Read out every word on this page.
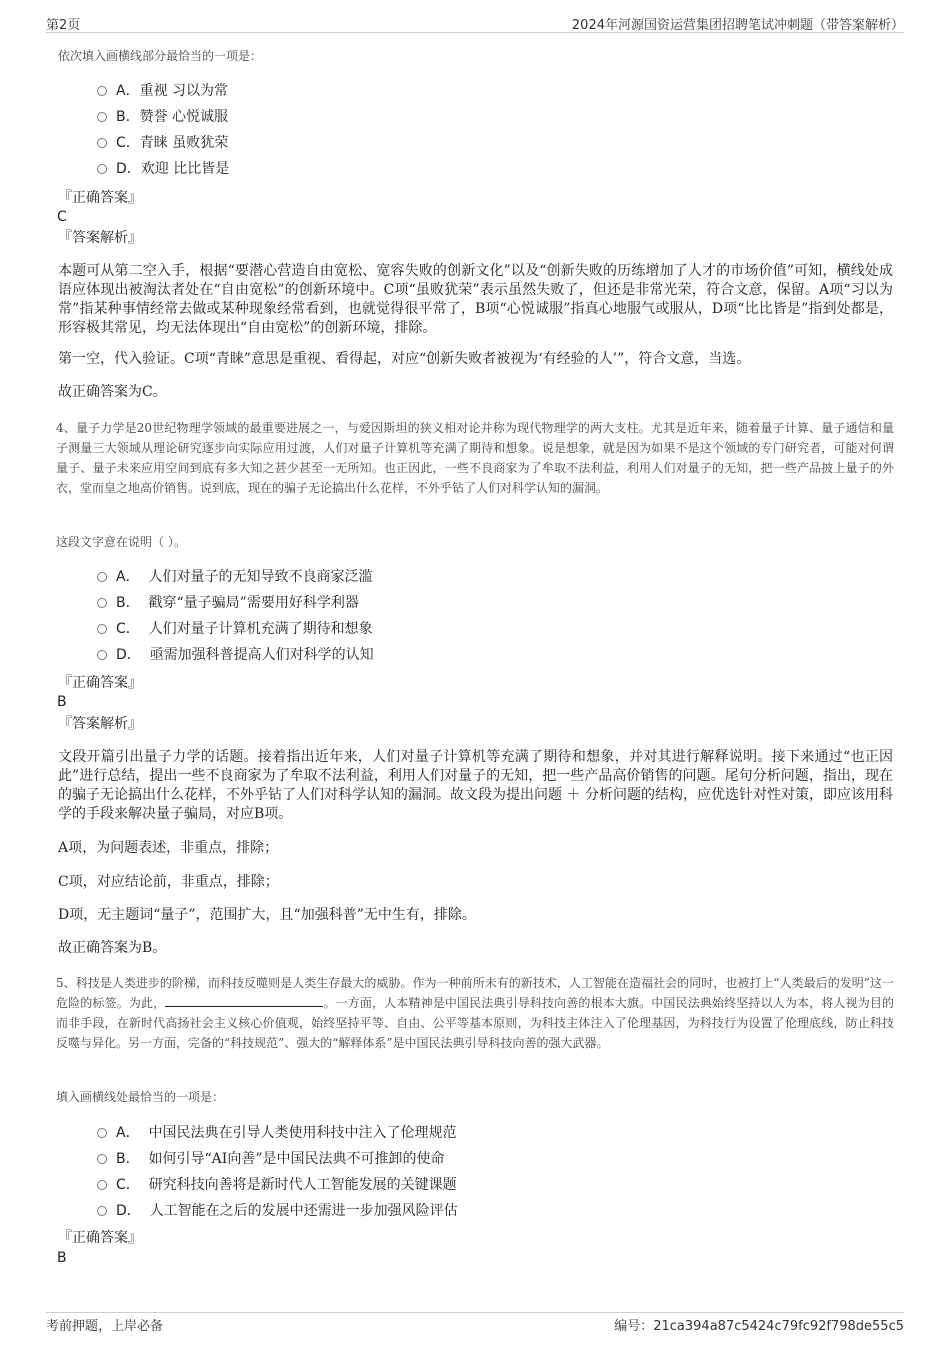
第2页	2024年河源国资运营集团招聘笔试冲刺题（带答案解析）
依次填入画横线部分最恰当的一项是：
A．重视 习以为常
B．赞誉 心悦诚服
C．青睐 虽败犹荣
D．欢迎 比比皆是
『正确答案』
C
『答案解析』
本题可从第二空入手，根据“要潜心营造自由宽松、宽容失败的创新文化”以及“创新失败的历练增加了人才的市场价值”可知，横线处成语应体现出被淘汰者处在“自由宽松”的创新环境中。C项“虽败犹荣”表示虽然失败了，但还是非常光荣，符合文意，保留。A项“习以为常”指某种事情经常去做或某种现象经常看到，也就觉得很平常了，B项“心悦诚服”指真心地服气或服从，D项“比比皆是”指到处都是，形容极其常见，均无法体现出“自由宽松”的创新环境，排除。
第一空，代入验证。C项“青睐”意思是重视、看得起，对应“创新失败者被视为‘有经验的人’”，符合文意，当选。
故正确答案为C。
4、量子力学是20世纪物理学领域的最重要进展之一，与爱因斯坦的狭义相对论并称为现代物理学的两大支柱。尤其是近年来，随着量子计算、量子通信和量子测量三大领域从理论研究逐步向实际应用过渡，人们对量子计算机等充满了期待和想象。说是想象，就是因为如果不是这个领域的专门研究者，可能对何谓量子、量子未来应用空间到底有多大知之甚少甚至一无所知。也正因此，一些不良商家为了牟取不法利益，利用人们对量子的无知，把一些产品披上量子的外衣，堂而皇之地高价销售。说到底，现在的骗子无论搞出什么花样，不外乎钻了人们对科学认知的漏洞。
这段文字意在说明（ ）。
A． 人们对量子的无知导致不良商家泛滥
B． 戳穿“量子骗局”需要用好科学利器
C． 人们对量子计算机充满了期待和想象
D． 亟需加强科普提高人们对科学的认知
『正确答案』
B
『答案解析』
文段开篇引出量子力学的话题。接着指出近年来，人们对量子计算机等充满了期待和想象，并对其进行解释说明。接下来通过“也正因此”进行总结，提出一些不良商家为了牟取不法利益，利用人们对量子的无知，把一些产品高价销售的问题。尾句分析问题，指出，现在的骗子无论搞出什么花样，不外乎钻了人们对科学认知的漏洞。故文段为提出问题 ＋ 分析问题的结构，应优选针对性对策，即应该用科学的手段来解决量子骗局，对应B项。
A项，为问题表述，非重点，排除；
C项，对应结论前，非重点，排除；
D项，无主题词“量子”，范围扩大，且“加强科普”无中生有，排除。
故正确答案为B。
5、科技是人类进步的阶梯，而科技反噬则是人类生存最大的威胁。作为一种前所未有的新技术，人工智能在造福社会的同时，也被打上“人类最后的发明”这一危险的标签。为此，	。一方面，人本精神是中国民法典引导科技向善的根本大旗。中国民法典始终坚持以人为本，将人视为目的而非手段，在新时代高扬社会主义核心价值观，始终坚持平等、自由、公平等基本原则，为科技主体注入了伦理基因，为科技行为设置了伦理底线，防止科技反噬与异化。另一方面，完备的“科技规范”、强大的“解释体系”是中国民法典引导科技向善的强大武器。
填入画横线处最恰当的一项是：
A． 中国民法典在引导人类使用科技中注入了伦理规范
B． 如何引导“AI向善”是中国民法典不可推卸的使命
C． 研究科技向善将是新时代人工智能发展的关键课题
D． 人工智能在之后的发展中还需进一步加强风险评估
『正确答案』
B
考前押题，上岸必备	编号：21ca394a87c5424c79fc92f798de55c5
